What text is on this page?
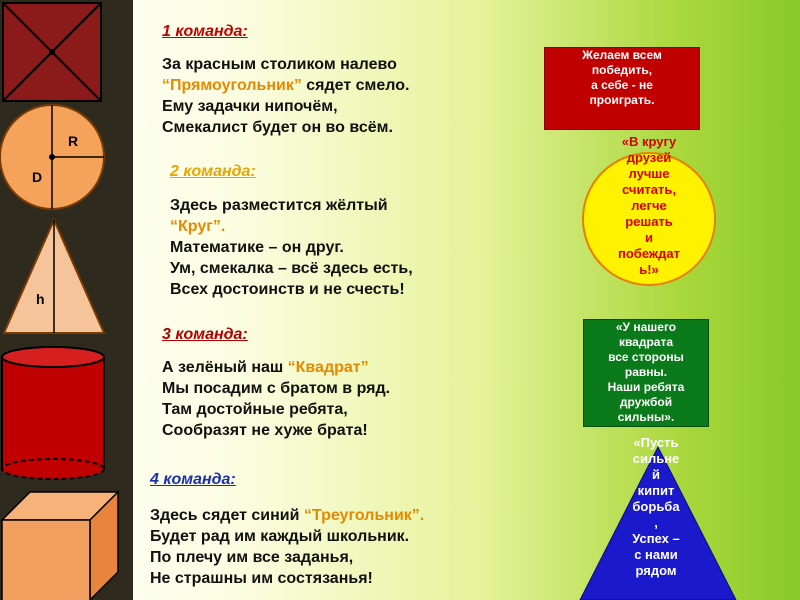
R
D
h

1 команда:

За красным столиком налево

“Прямоугольник” сядет смело.

Ему задачки нипочём,

Смекалист будет он во всём.

2 команда:

Здесь разместится жёлтый

“Круг”.

Математике – он друг.

Ум, смекалка – всё здесь есть,

Всех достоинств и не счесть!

3 команда:

А зелёный наш “Квадрат”

Мы посадим с братом в ряд.

Там достойные ребята,

Сообразят не хуже брата!

4 команда:

Здесь сядет синий “Треугольник”.

Будет рад им каждый школьник.

По плечу им все заданья,

Не страшны им состязанья!

Желаем всем
победить,
а себе - не
проиграть.
«В кругу
друзей
лучше
считать,
легче
решать
и
побеждат
ь!»
«У нашего
квадрата
все стороны
равны.
Наши ребята
дружбой
сильны».
«Пусть
сильне
й
кипит
борьба
,
Успех –
с нами
рядом
